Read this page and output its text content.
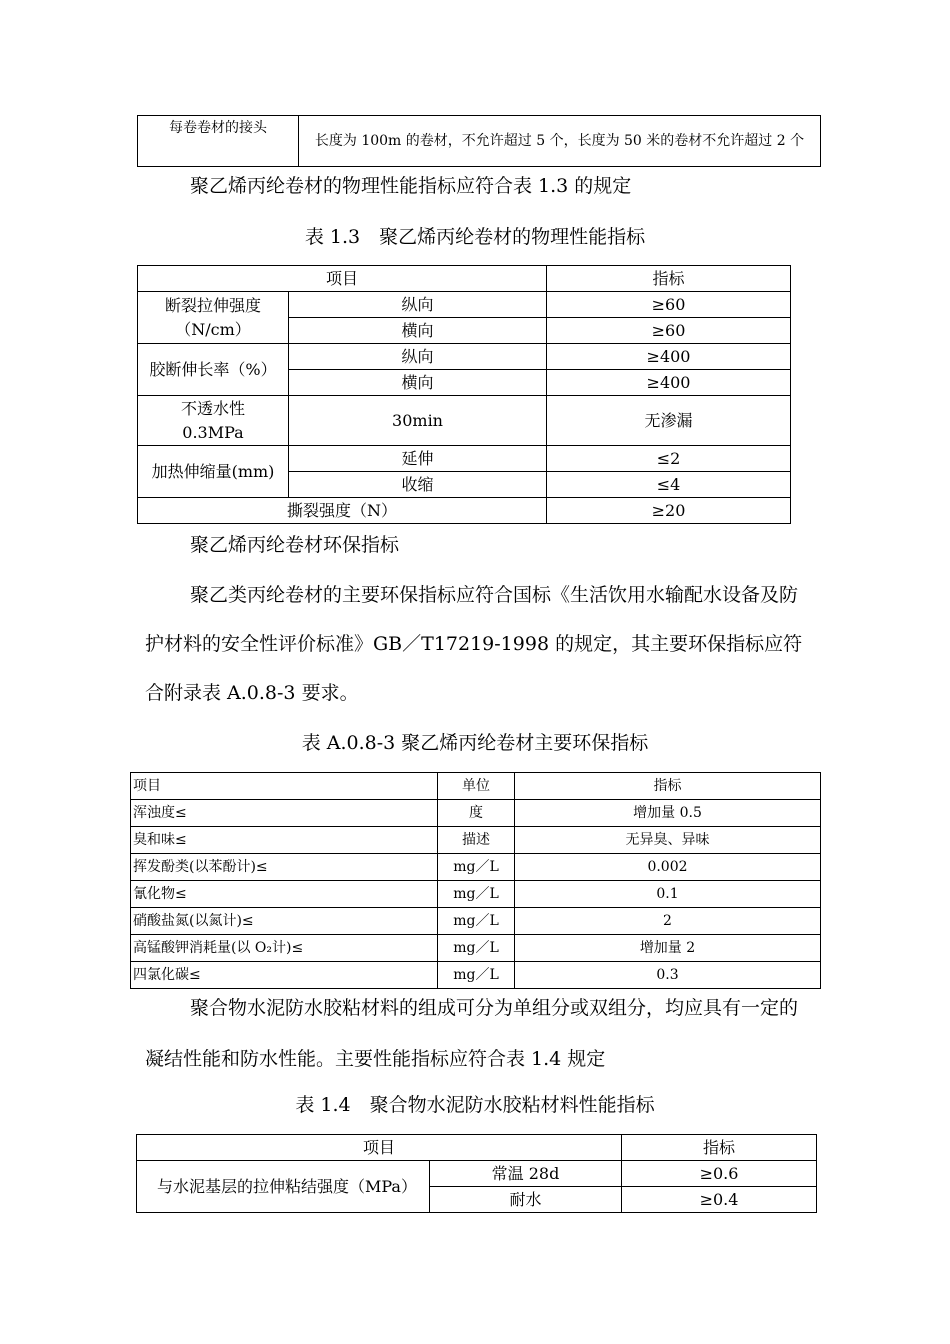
每卷卷材的接头	长度为 100m 的卷材，不允许超过 5 个，长度为 50 米的卷材不允许超过 2 个

聚乙烯丙纶卷材的物理性能指标应符合表 1.3 的规定

表 1.3　聚乙烯丙纶卷材的物理性能指标

项目		指标
断裂拉伸强度（N/cm）	纵向	≥60
	横向	≥60
胶断伸长率（%）	纵向	≥400
	横向	≥400
不透水性 0.3MPa	30min	无渗漏
加热伸缩量(mm)	延伸	≤2
	收缩	≤4
撕裂强度（N）		≥20

聚乙烯丙纶卷材环保指标

聚乙类丙纶卷材的主要环保指标应符合国标《生活饮用水输配水设备及防护材料的安全性评价标准》GB／T17219-1998 的规定，其主要环保指标应符合附录表 A.0.8-3 要求。

表 A.0.8-3 聚乙烯丙纶卷材主要环保指标

项目	单位	指标
浑浊度≤	度	增加量 0.5
臭和味≤	描述	无异臭、异味
挥发酚类(以苯酚计)≤	mg／L	0.002
氰化物≤	mg／L	0.1
硝酸盐氮(以氮计)≤	mg／L	2
高锰酸钾消耗量(以 O₂计)≤	mg／L	增加量 2
四氯化碳≤	mg／L	0.3

聚合物水泥防水胶粘材料的组成可分为单组分或双组分，均应具有一定的凝结性能和防水性能。主要性能指标应符合表 1.4 规定

表 1.4　聚合物水泥防水胶粘材料性能指标

项目		指标
与水泥基层的拉伸粘结强度（MPa）	常温 28d	≥0.6
	耐水	≥0.4
